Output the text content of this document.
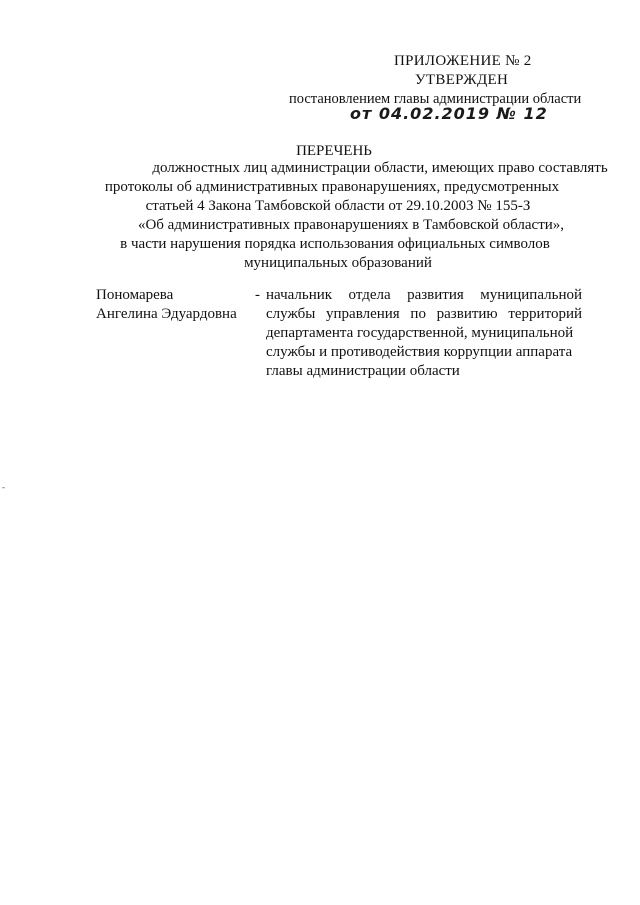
ПРИЛОЖЕНИЕ № 2
УТВЕРЖДЕН
постановлением главы администрации области
от 04.02.2019 № 12
ПЕРЕЧЕНЬ
должностных лиц администрации области, имеющих право составлять
протоколы об административных правонарушениях, предусмотренных
статьей 4 Закона Тамбовской области от 29.10.2003 № 155-З
«Об административных правонарушениях в Тамбовской области»,
в части нарушения порядка использования официальных символов
муниципальных образований
Пономарева
Ангелина Эдуардовна
- начальник отдела развития муниципальной
службы управления по развитию территорий
департамента государственной, муниципальной
службы и противодействия коррупции аппарата
главы администрации области
-
